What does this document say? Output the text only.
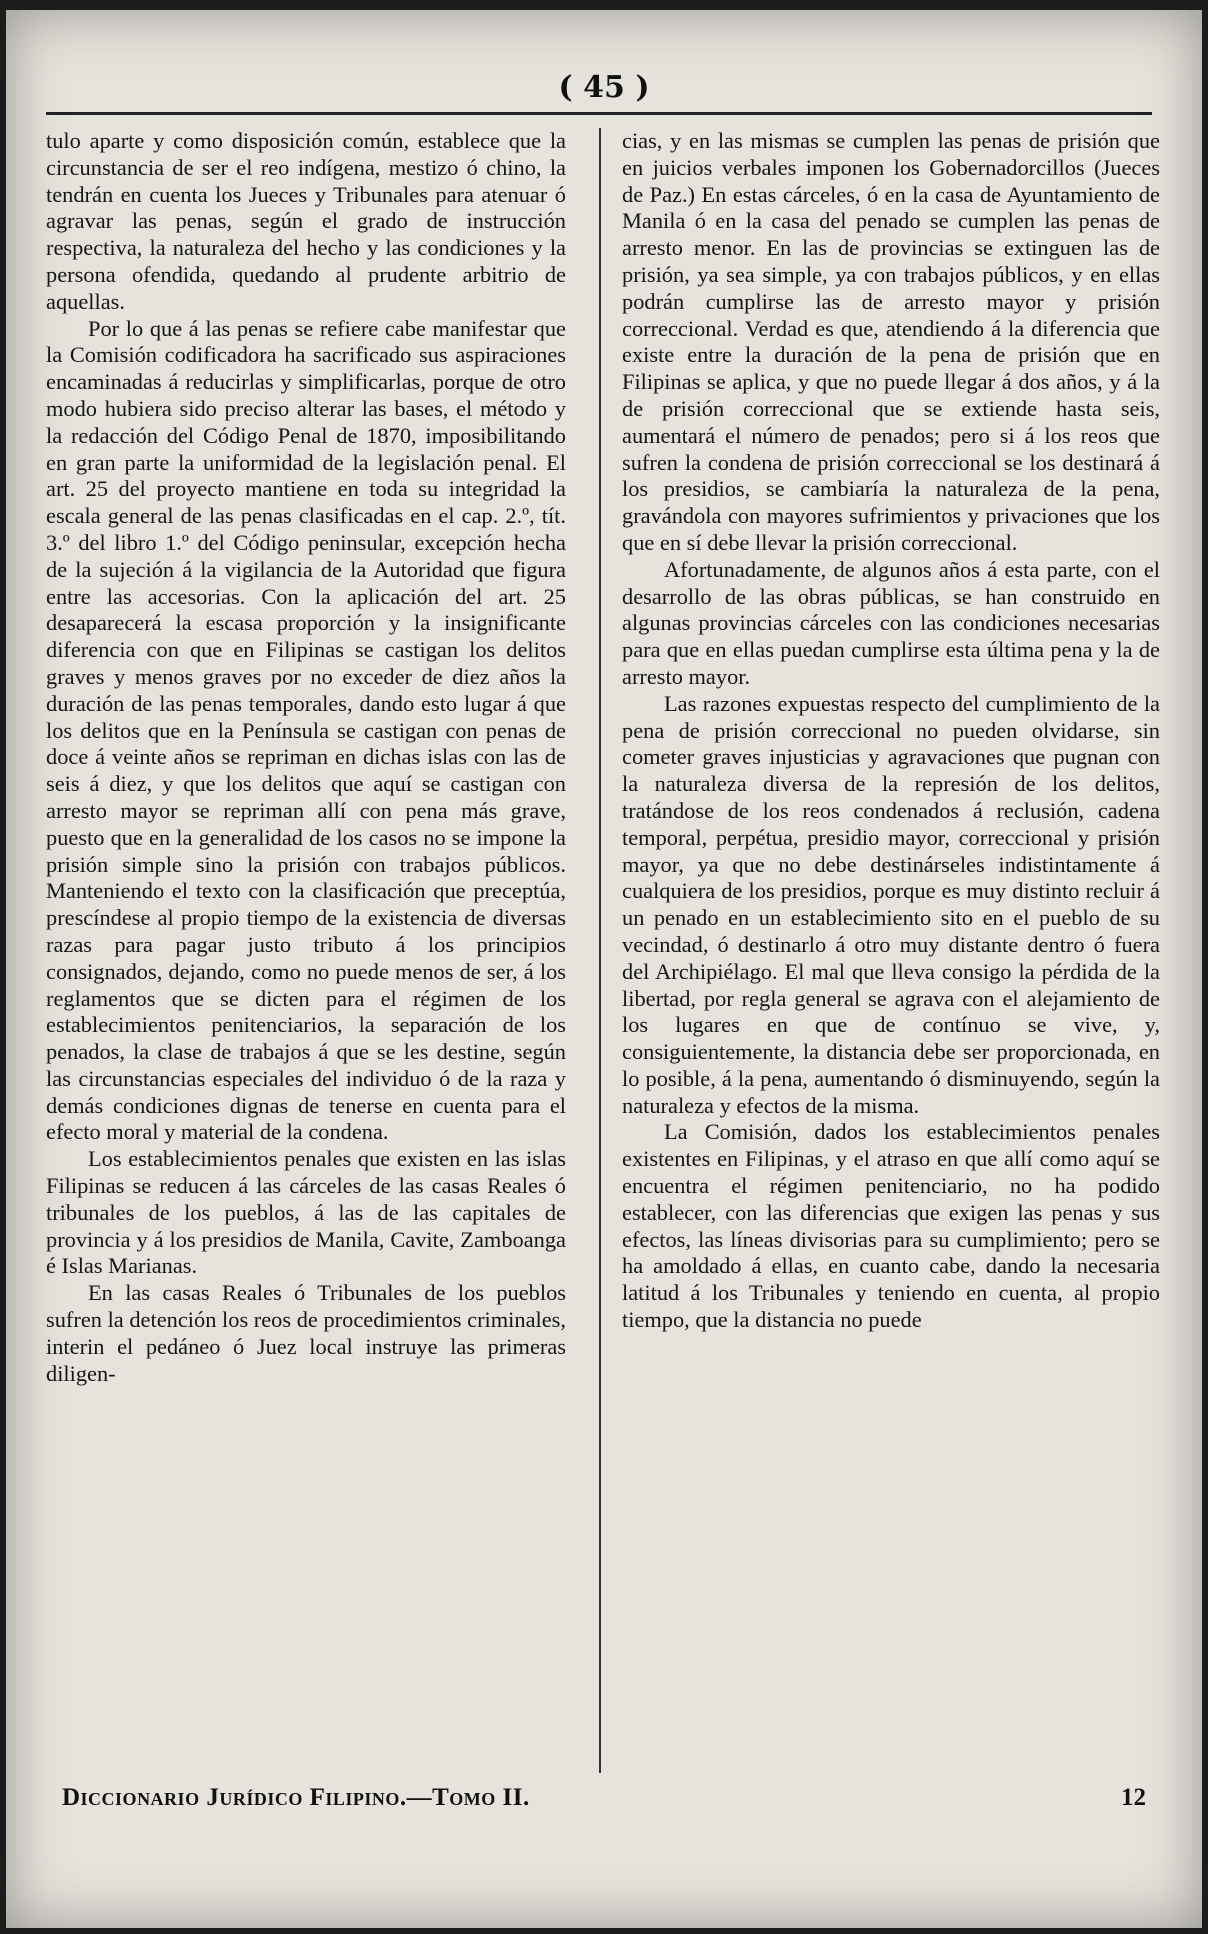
( 45 )

tulo aparte y como disposición común, establece que la circunstancia de ser el reo indígena, mestizo ó chino, la tendrán en cuenta los Jueces y Tribunales para atenuar ó agravar las penas, según el grado de instrucción respectiva, la naturaleza del hecho y las condiciones y la persona ofendida, quedando al prudente arbitrio de aquellas.

Por lo que á las penas se refiere cabe manifestar que la Comisión codificadora ha sacrificado sus aspiraciones encaminadas á reducirlas y simplificarlas, porque de otro modo hubiera sido preciso alterar las bases, el método y la redacción del Código Penal de 1870, imposibilitando en gran parte la uniformidad de la legislación penal. El art. 25 del proyecto mantiene en toda su integridad la escala general de las penas clasificadas en el cap. 2.º, tít. 3.º del libro 1.º del Código peninsular, excepción hecha de la sujeción á la vigilancia de la Autoridad que figura entre las accesorias. Con la aplicación del art. 25 desaparecerá la escasa proporción y la insignificante diferencia con que en Filipinas se castigan los delitos graves y menos graves por no exceder de diez años la duración de las penas temporales, dando esto lugar á que los delitos que en la Península se castigan con penas de doce á veinte años se repriman en dichas islas con las de seis á diez, y que los delitos que aquí se castigan con arresto mayor se repriman allí con pena más grave, puesto que en la generalidad de los casos no se impone la prisión simple sino la prisión con trabajos públicos. Manteniendo el texto con la clasificación que preceptúa, prescíndese al propio tiempo de la existencia de diversas razas para pagar justo tributo á los principios consignados, dejando, como no puede menos de ser, á los reglamentos que se dicten para el régimen de los establecimientos penitenciarios, la separación de los penados, la clase de trabajos á que se les destine, según las circunstancias especiales del individuo ó de la raza y demás condiciones dignas de tenerse en cuenta para el efecto moral y material de la condena.

Los establecimientos penales que existen en las islas Filipinas se reducen á las cárceles de las casas Reales ó tribunales de los pueblos, á las de las capitales de provincia y á los presidios de Manila, Cavite, Zamboanga é Islas Marianas.

En las casas Reales ó Tribunales de los pueblos sufren la detención los reos de procedimientos criminales, interin el pedáneo ó Juez local instruye las primeras diligen-

cias, y en las mismas se cumplen las penas de prisión que en juicios verbales imponen los Gobernadorcillos (Jueces de Paz.) En estas cárceles, ó en la casa de Ayuntamiento de Manila ó en la casa del penado se cumplen las penas de arresto menor. En las de provincias se extinguen las de prisión, ya sea simple, ya con trabajos públicos, y en ellas podrán cumplirse las de arresto mayor y prisión correccional. Verdad es que, atendiendo á la diferencia que existe entre la duración de la pena de prisión que en Filipinas se aplica, y que no puede llegar á dos años, y á la de prisión correccional que se extiende hasta seis, aumentará el número de penados; pero si á los reos que sufren la condena de prisión correccional se los destinará á los presidios, se cambiaría la naturaleza de la pena, gravándola con mayores sufrimientos y privaciones que los que en sí debe llevar la prisión correccional.

Afortunadamente, de algunos años á esta parte, con el desarrollo de las obras públicas, se han construido en algunas provincias cárceles con las condiciones necesarias para que en ellas puedan cumplirse esta última pena y la de arresto mayor.

Las razones expuestas respecto del cumplimiento de la pena de prisión correccional no pueden olvidarse, sin cometer graves injusticias y agravaciones que pugnan con la naturaleza diversa de la represión de los delitos, tratándose de los reos condenados á reclusión, cadena temporal, perpétua, presidio mayor, correccional y prisión mayor, ya que no debe destinárseles indistintamente á cualquiera de los presidios, porque es muy distinto recluir á un penado en un establecimiento sito en el pueblo de su vecindad, ó destinarlo á otro muy distante dentro ó fuera del Archipiélago. El mal que lleva consigo la pérdida de la libertad, por regla general se agrava con el alejamiento de los lugares en que de contínuo se vive, y, consiguientemente, la distancia debe ser proporcionada, en lo posible, á la pena, aumentando ó disminuyendo, según la naturaleza y efectos de la misma.

La Comisión, dados los establecimientos penales existentes en Filipinas, y el atraso en que allí como aquí se encuentra el régimen penitenciario, no ha podido establecer, con las diferencias que exigen las penas y sus efectos, las líneas divisorias para su cumplimiento; pero se ha amoldado á ellas, en cuanto cabe, dando la necesaria latitud á los Tribunales y teniendo en cuenta, al propio tiempo, que la distancia no puede

Diccionario Jurídico Filipino.—Tomo II.	12
